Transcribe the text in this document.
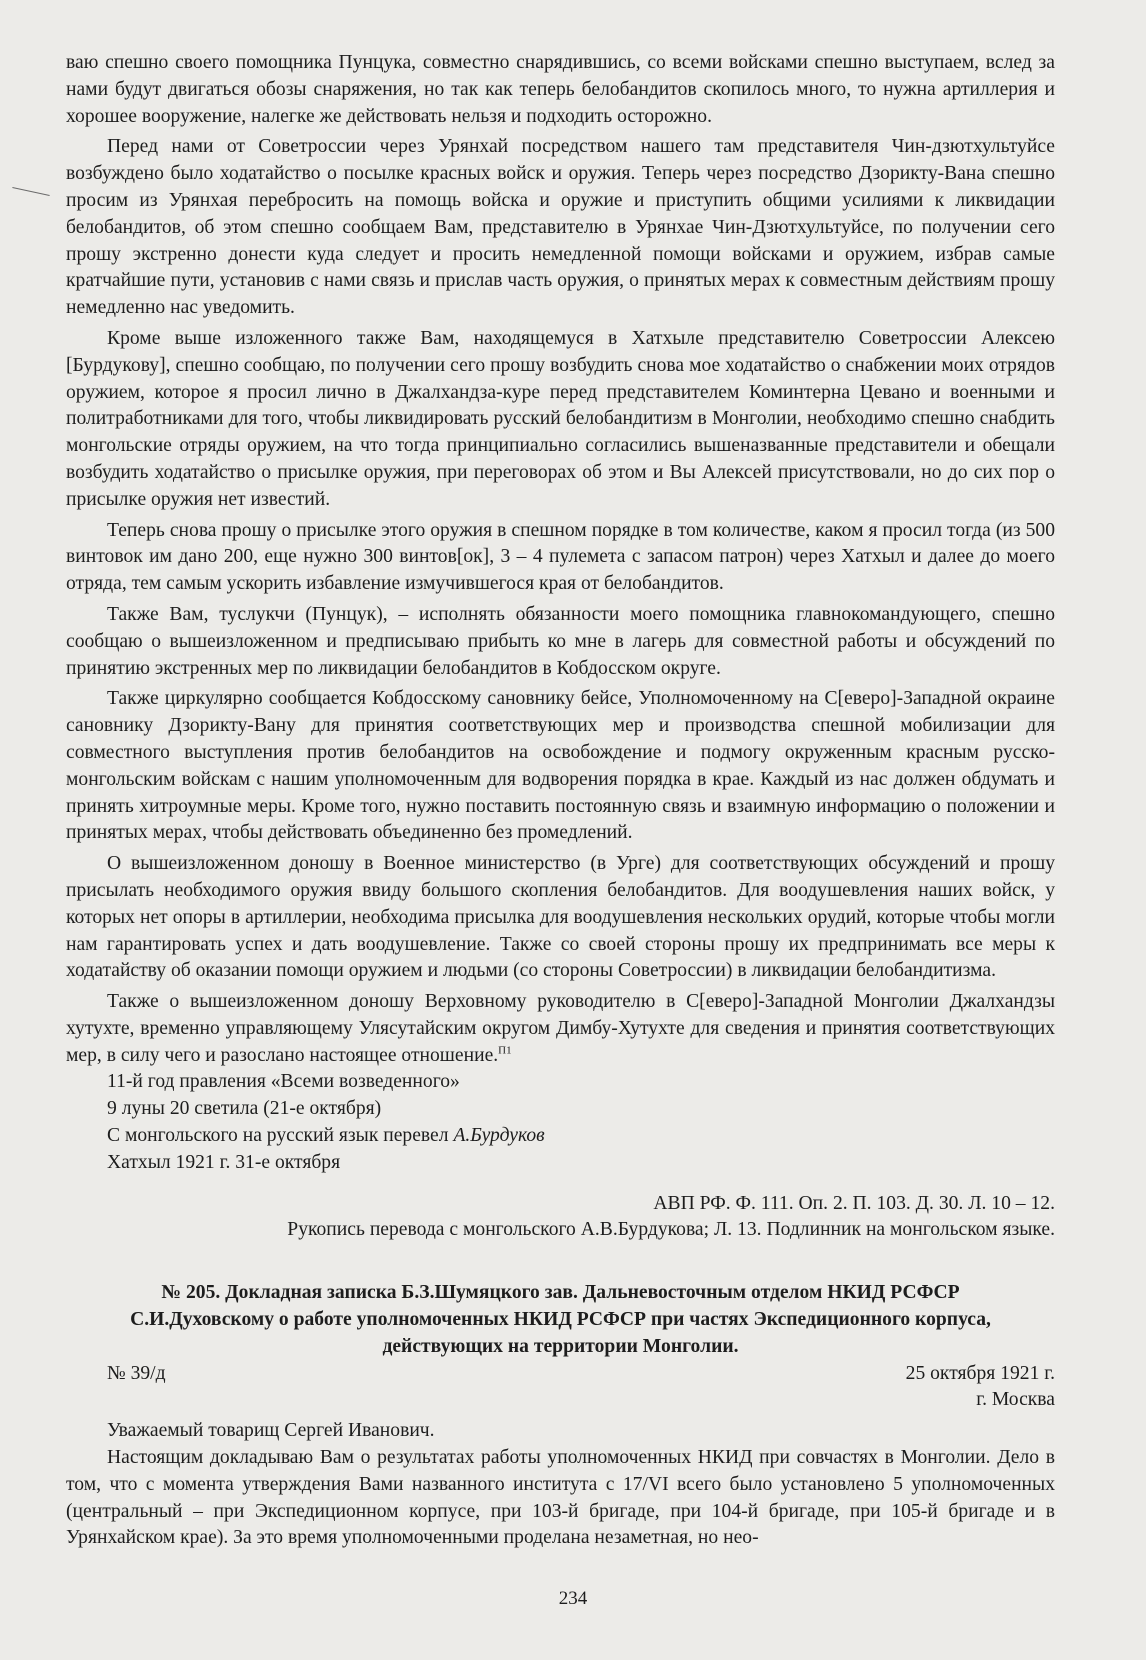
ваю спешно своего помощника Пунцука, совместно снарядившись, со всеми войсками спешно выступаем, вслед за нами будут двигаться обозы снаряжения, но так как теперь белобандитов скопилось много, то нужна артиллерия и хорошее вооружение, налегке же действовать нельзя и подходить осторожно.

Перед нами от Советроссии через Урянхай посредством нашего там представителя Чин-дзютхультуйсе возбуждено было ходатайство о посылке красных войск и оружия. Теперь через посредство Дзорикту-Вана спешно просим из Урянхая перебросить на помощь войска и оружие и приступить общими усилиями к ликвидации белобандитов, об этом спешно сообщаем Вам, представителю в Урянхае Чин-Дзютхультуйсе, по получении сего прошу экстренно донести куда следует и просить немедленной помощи войсками и оружием, избрав самые кратчайшие пути, установив с нами связь и прислав часть оружия, о принятых мерах к совместным действиям прошу немедленно нас уведомить.

Кроме выше изложенного также Вам, находящемуся в Хатхыле представителю Советроссии Алексею [Бурдукову], спешно сообщаю, по получении сего прошу возбудить снова мое ходатайство о снабжении моих отрядов оружием, которое я просил лично в Джалхандза-куре перед представителем Коминтерна Цевано и военными и политработниками для того, чтобы ликвидировать русский белобандитизм в Монголии, необходимо спешно снабдить монгольские отряды оружием, на что тогда принципиально согласились вышеназванные представители и обещали возбудить ходатайство о присылке оружия, при переговорах об этом и Вы Алексей присутствовали, но до сих пор о присылке оружия нет известий.

Теперь снова прошу о присылке этого оружия в спешном порядке в том количестве, каком я просил тогда (из 500 винтовок им дано 200, еще нужно 300 винтов[ок], 3 – 4 пулемета с запасом патрон) через Хатхыл и далее до моего отряда, тем самым ускорить избавление измучившегося края от белобандитов.

Также Вам, туслукчи (Пунцук), – исполнять обязанности моего помощника главнокомандующего, спешно сообщаю о вышеизложенном и предписываю прибыть ко мне в лагерь для совместной работы и обсуждений по принятию экстренных мер по ликвидации белобандитов в Кобдосском округе.

Также циркулярно сообщается Кобдосскому сановнику бейсе, Уполномоченному на С[еверо]-Западной окраине сановнику Дзорикту-Вану для принятия соответствующих мер и производства спешной мобилизации для совместного выступления против белобандитов на освобождение и подмогу окруженным красным русско-монгольским войскам с нашим уполномоченным для водворения порядка в крае. Каждый из нас должен обдумать и принять хитроумные меры. Кроме того, нужно поставить постоянную связь и взаимную информацию о положении и принятых мерах, чтобы действовать объединенно без промедлений.

О вышеизложенном доношу в Военное министерство (в Урге) для соответствующих обсуждений и прошу присылать необходимого оружия ввиду большого скопления белобандитов. Для воодушевления наших войск, у которых нет опоры в артиллерии, необходима присылка для воодушевления нескольких орудий, которые чтобы могли нам гарантировать успех и дать воодушевление. Также со своей стороны прошу их предпринимать все меры к ходатайству об оказании помощи оружием и людьми (со стороны Советроссии) в ликвидации белобандитизма.

Также о вышеизложенном доношу Верховному руководителю в С[еверо]-Западной Монголии Джалхандзы хутухте, временно управляющему Улясутайским округом Димбу-Хутухте для сведения и принятия соответствующих мер, в силу чего и разослано настоящее отношение.$^{П1}$

11-й год правления «Всеми возведенного»

9 луны 20 светила (21-е октября)

С монгольского на русский язык перевел А.Бурдуков

Хатхыл 1921 г. 31-е октября

АВП РФ. Ф. 111. Оп. 2. П. 103. Д. 30. Л. 10 – 12.

Рукопись перевода с монгольского А.В.Бурдукова; Л. 13. Подлинник на монгольском языке.

№ 205. Докладная записка Б.З.Шумяцкого зав. Дальневосточным отделом НКИД РСФСР

С.И.Духовскому о работе уполномоченных НКИД РСФСР при частях Экспедиционного корпуса,

действующих на территории Монголии.

№ 39/д	25 октября 1921 г.

г. Москва

Уважаемый товарищ Сергей Иванович.

Настоящим докладываю Вам о результатах работы уполномоченных НКИД при совчастях в Монголии. Дело в том, что с момента утверждения Вами названного института с 17/VI всего было установлено 5 уполномоченных (центральный – при Экспедиционном корпусе, при 103-й бригаде, при 104-й бригаде, при 105-й бригаде и в Урянхайском крае). За это время уполномоченными проделана незаметная, но нео-

234
